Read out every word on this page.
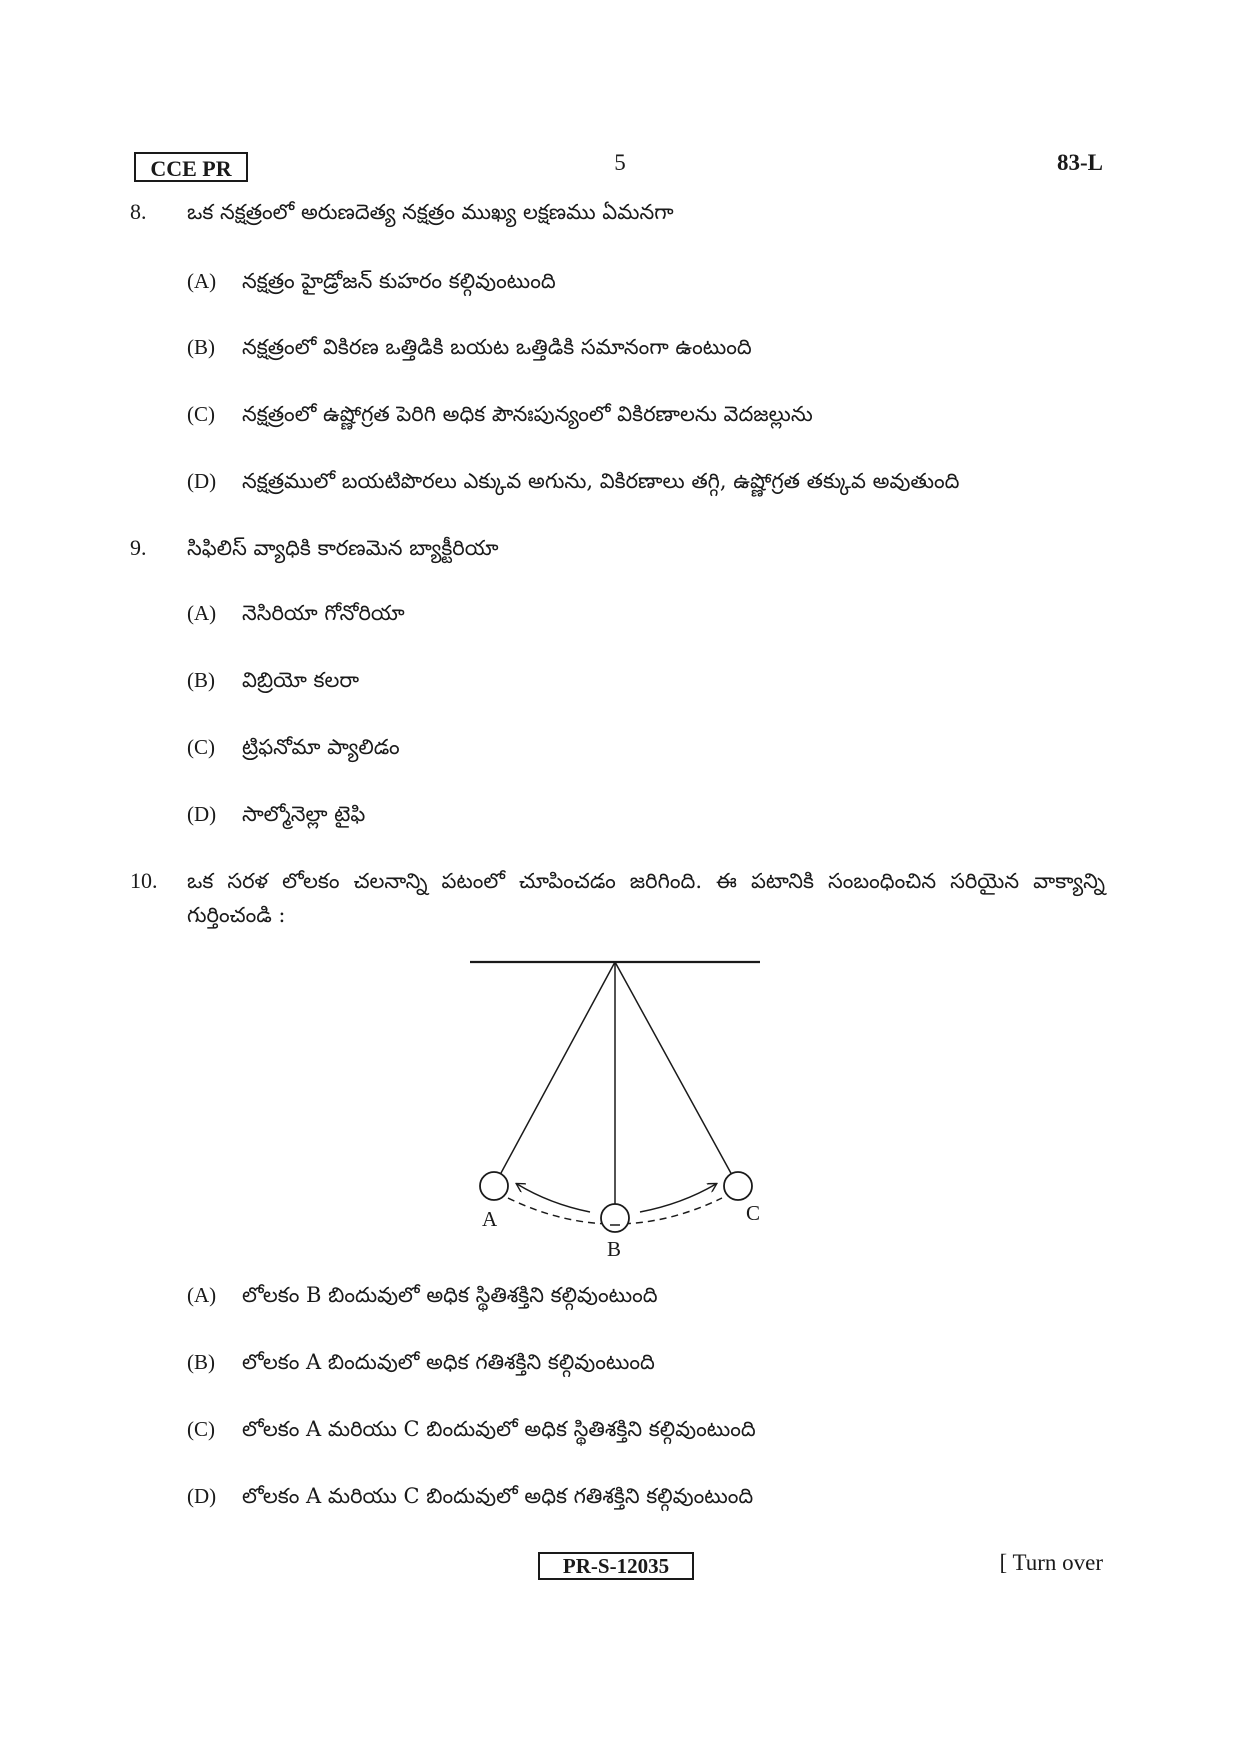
CCE PR	5	83-L
8. ఒక నక్షత్రంలో అరుణదెత్య నక్షత్రం ముఖ్య లక్షణము ఏమనగా
(A) నక్షత్రం హైడ్రోజన్ కుహరం కల్గివుంటుంది
(B) నక్షత్రంలో వికిరణ ఒత్తిడికి బయట ఒత్తిడికి సమానంగా ఉంటుంది
(C) నక్షత్రంలో ఉష్ణోగ్రత పెరిగి అధిక పౌనఃపున్యంలో వికిరణాలను వెదజల్లును
(D) నక్షత్రములో బయటిపొరలు ఎక్కువ అగును, వికిరణాలు తగ్గి, ఉష్ణోగ్రత తక్కువ అవుతుంది
9. సిఫిలిస్ వ్యాధికి కారణమెన బ్యాక్టీరియా
(A) నెసిరియా గోనోరియా
(B) విబ్రియో కలరా
(C) ట్రిఫనోమా ప్యాలిడం
(D) సాల్మోనెల్లా టైఫి
10. ఒక సరళ లోలకం చలనాన్ని పటంలో చూపించడం జరిగింది. ఈ పటానికి సంబంధించిన సరియైన వాక్యాన్ని గుర్తించండి :
A
B
C
(A) లోలకం B బిందువులో అధిక స్థితిశక్తిని కల్గివుంటుంది
(B) లోలకం A బిందువులో అధిక గతిశక్తిని కల్గివుంటుంది
(C) లోలకం A మరియు C బిందువులో అధిక స్థితిశక్తిని కల్గివుంటుంది
(D) లోలకం A మరియు C బిందువులో అధిక గతిశక్తిని కల్గివుంటుంది
PR-S-12035	[ Turn over
